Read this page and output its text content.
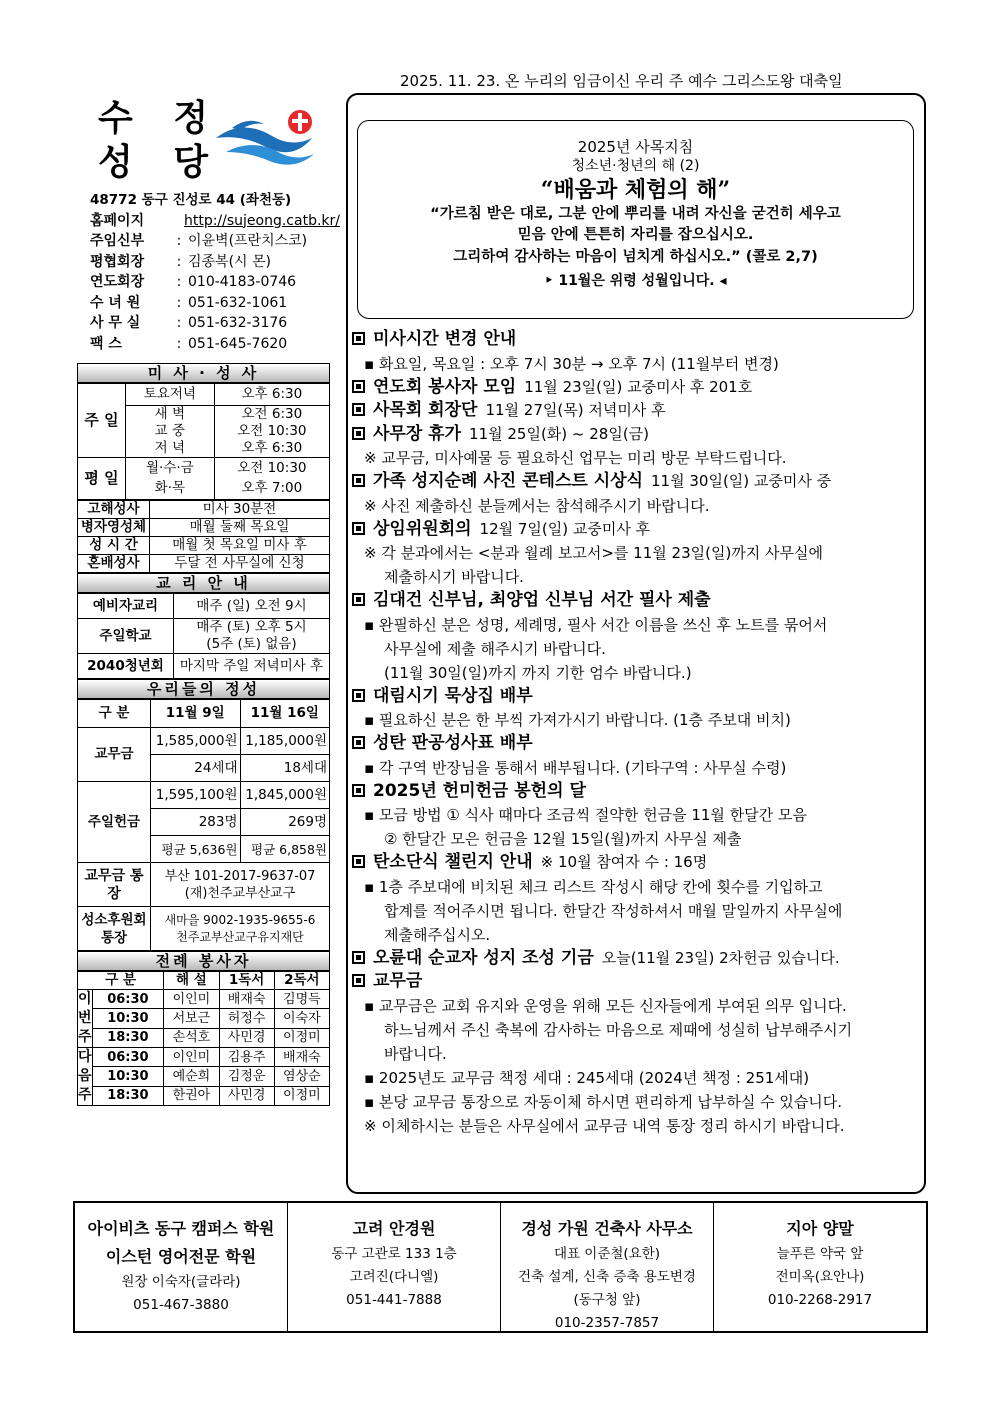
2025. 11. 23. 온 누리의 임금이신 우리 주 예수 그리스도왕 대축일
수 정
성 당
48772 동구 진성로 44 (좌천동)
홈페이지	http://sujeong.catb.kr/
주임신부	: 이윤벽(프란치스코)
평협회장	: 김종복(시 몬)
연도회장	: 010-4183-0746
수 녀 원	: 051-632-1061
사 무 실	: 051-632-3176
팩 스	: 051-645-7620
미 사 · 성 사
주 일	토요저녁	오후 6:30
	새 벽	오전 6:30
	교 중	오전 10:30
	저 녁	오후 6:30
평 일	월·수·금	오전 10:30
	화·목	오후 7:00
고해성사	미사 30분전
병자영성체	매월 둘째 목요일
성 시 간	매월 첫 목요일 미사 후
혼배성사	두달 전 사무실에 신청
교 리 안 내
예비자교리	매주 (일) 오전 9시
주일학교	매주 (토) 오후 5시
(5주 (토) 없음)

2040청년회	마지막 주일 저녁미사 후
우리들의 정성
구 분	11월 9일	11월 16일
교무금	1,585,000원	1,185,000원
	24세대	18세대
주일헌금	1,595,100원	1,845,000원
	283명	269명
	평균 5,636원	평균 6,858원
교무금 통장	부산 101-2017-9637-07
(재)천주교부산교구	

성소후원회 통장	새마을 9002-1935-9655-6
천주교부산교구유지재단	
전례 봉사자
구 분		해 설	1독서	2독서
이 번 주	06:30	이인미	배재숙	김명득
	10:30	서보근	허정수	이숙자
	18:30	손석호	사민경	이정미
다 음 주	06:30	이인미	김용주	배재숙
	10:30	예순희	김정운	염상순
	18:30	한권아	사민경	이정미
2025년 사목지침
청소년·청년의 해 (2)
“배움과 체험의 해”
“가르침 받은 대로, 그분 안에 뿌리를 내려 자신을 굳건히 세우고
믿음 안에 튼튼히 자리를 잡으십시오.
그리하여 감사하는 마음이 넘치게 하십시오.” (콜로 2,7)
‣ 11월은 위령 성월입니다. ◂
미사시간 변경 안내
▪ 화요일, 목요일 : 오후 7시 30분 → 오후 7시 (11월부터 변경)
연도회 봉사자 모임 11월 23일(일) 교중미사 후 201호
사목회 회장단 11월 27일(목) 저녁미사 후
사무장 휴가 11월 25일(화) ~ 28일(금)
※ 교무금, 미사예물 등 필요하신 업무는 미리 방문 부탁드립니다.
가족 성지순례 사진 콘테스트 시상식 11월 30일(일) 교중미사 중
※ 사진 제출하신 분들께서는 참석해주시기 바랍니다.
상임위원회의 12월 7일(일) 교중미사 후
※ 각 분과에서는 <분과 월례 보고서>를 11월 23일(일)까지 사무실에
제출하시기 바랍니다.
김대건 신부님, 최양업 신부님 서간 필사 제출
▪ 완필하신 분은 성명, 세례명, 필사 서간 이름을 쓰신 후 노트를 묶어서
사무실에 제출 해주시기 바랍니다.
(11월 30일(일)까지 까지 기한 엄수 바랍니다.)
대림시기 묵상집 배부
▪ 필요하신 분은 한 부씩 가져가시기 바랍니다. (1층 주보대 비치)
성탄 판공성사표 배부
▪ 각 구역 반장님을 통해서 배부됩니다. (기타구역 : 사무실 수령)
2025년 헌미헌금 봉헌의 달
▪ 모금 방법 ① 식사 때마다 조금씩 절약한 헌금을 11월 한달간 모음
② 한달간 모은 헌금을 12월 15일(월)까지 사무실 제출
탄소단식 챌린지 안내 ※ 10월 참여자 수 : 16명
▪ 1층 주보대에 비치된 체크 리스트 작성시 해당 칸에 횟수를 기입하고
합계를 적어주시면 됩니다. 한달간 작성하셔서 매월 말일까지 사무실에
제출해주십시오.
오륜대 순교자 성지 조성 기금 오늘(11월 23일) 2차헌금 있습니다.
교무금
▪ 교무금은 교회 유지와 운영을 위해 모든 신자들에게 부여된 의무 입니다.
하느님께서 주신 축복에 감사하는 마음으로 제때에 성실히 납부해주시기
바랍니다.
▪ 2025년도 교무금 책정 세대 : 245세대 (2024년 책정 : 251세대)
▪ 본당 교무금 통장으로 자동이체 하시면 편리하게 납부하실 수 있습니다.
※ 이체하시는 분들은 사무실에서 교무금 내역 통장 정리 하시기 바랍니다.
아이비츠 동구 캠퍼스 학원
이스턴 영어전문 학원
원장 이숙자(글라라)
051-467-3880
고려 안경원
동구 고관로 133 1층
고려진(다니엘)
051-441-7888
경성 가원 건축사 사무소
대표 이준철(요한)
건축 설계, 신축 증축 용도변경
(동구청 앞)
010-2357-7857
지아 양말
늘푸른 약국 앞
전미옥(요안나)
010-2268-2917
